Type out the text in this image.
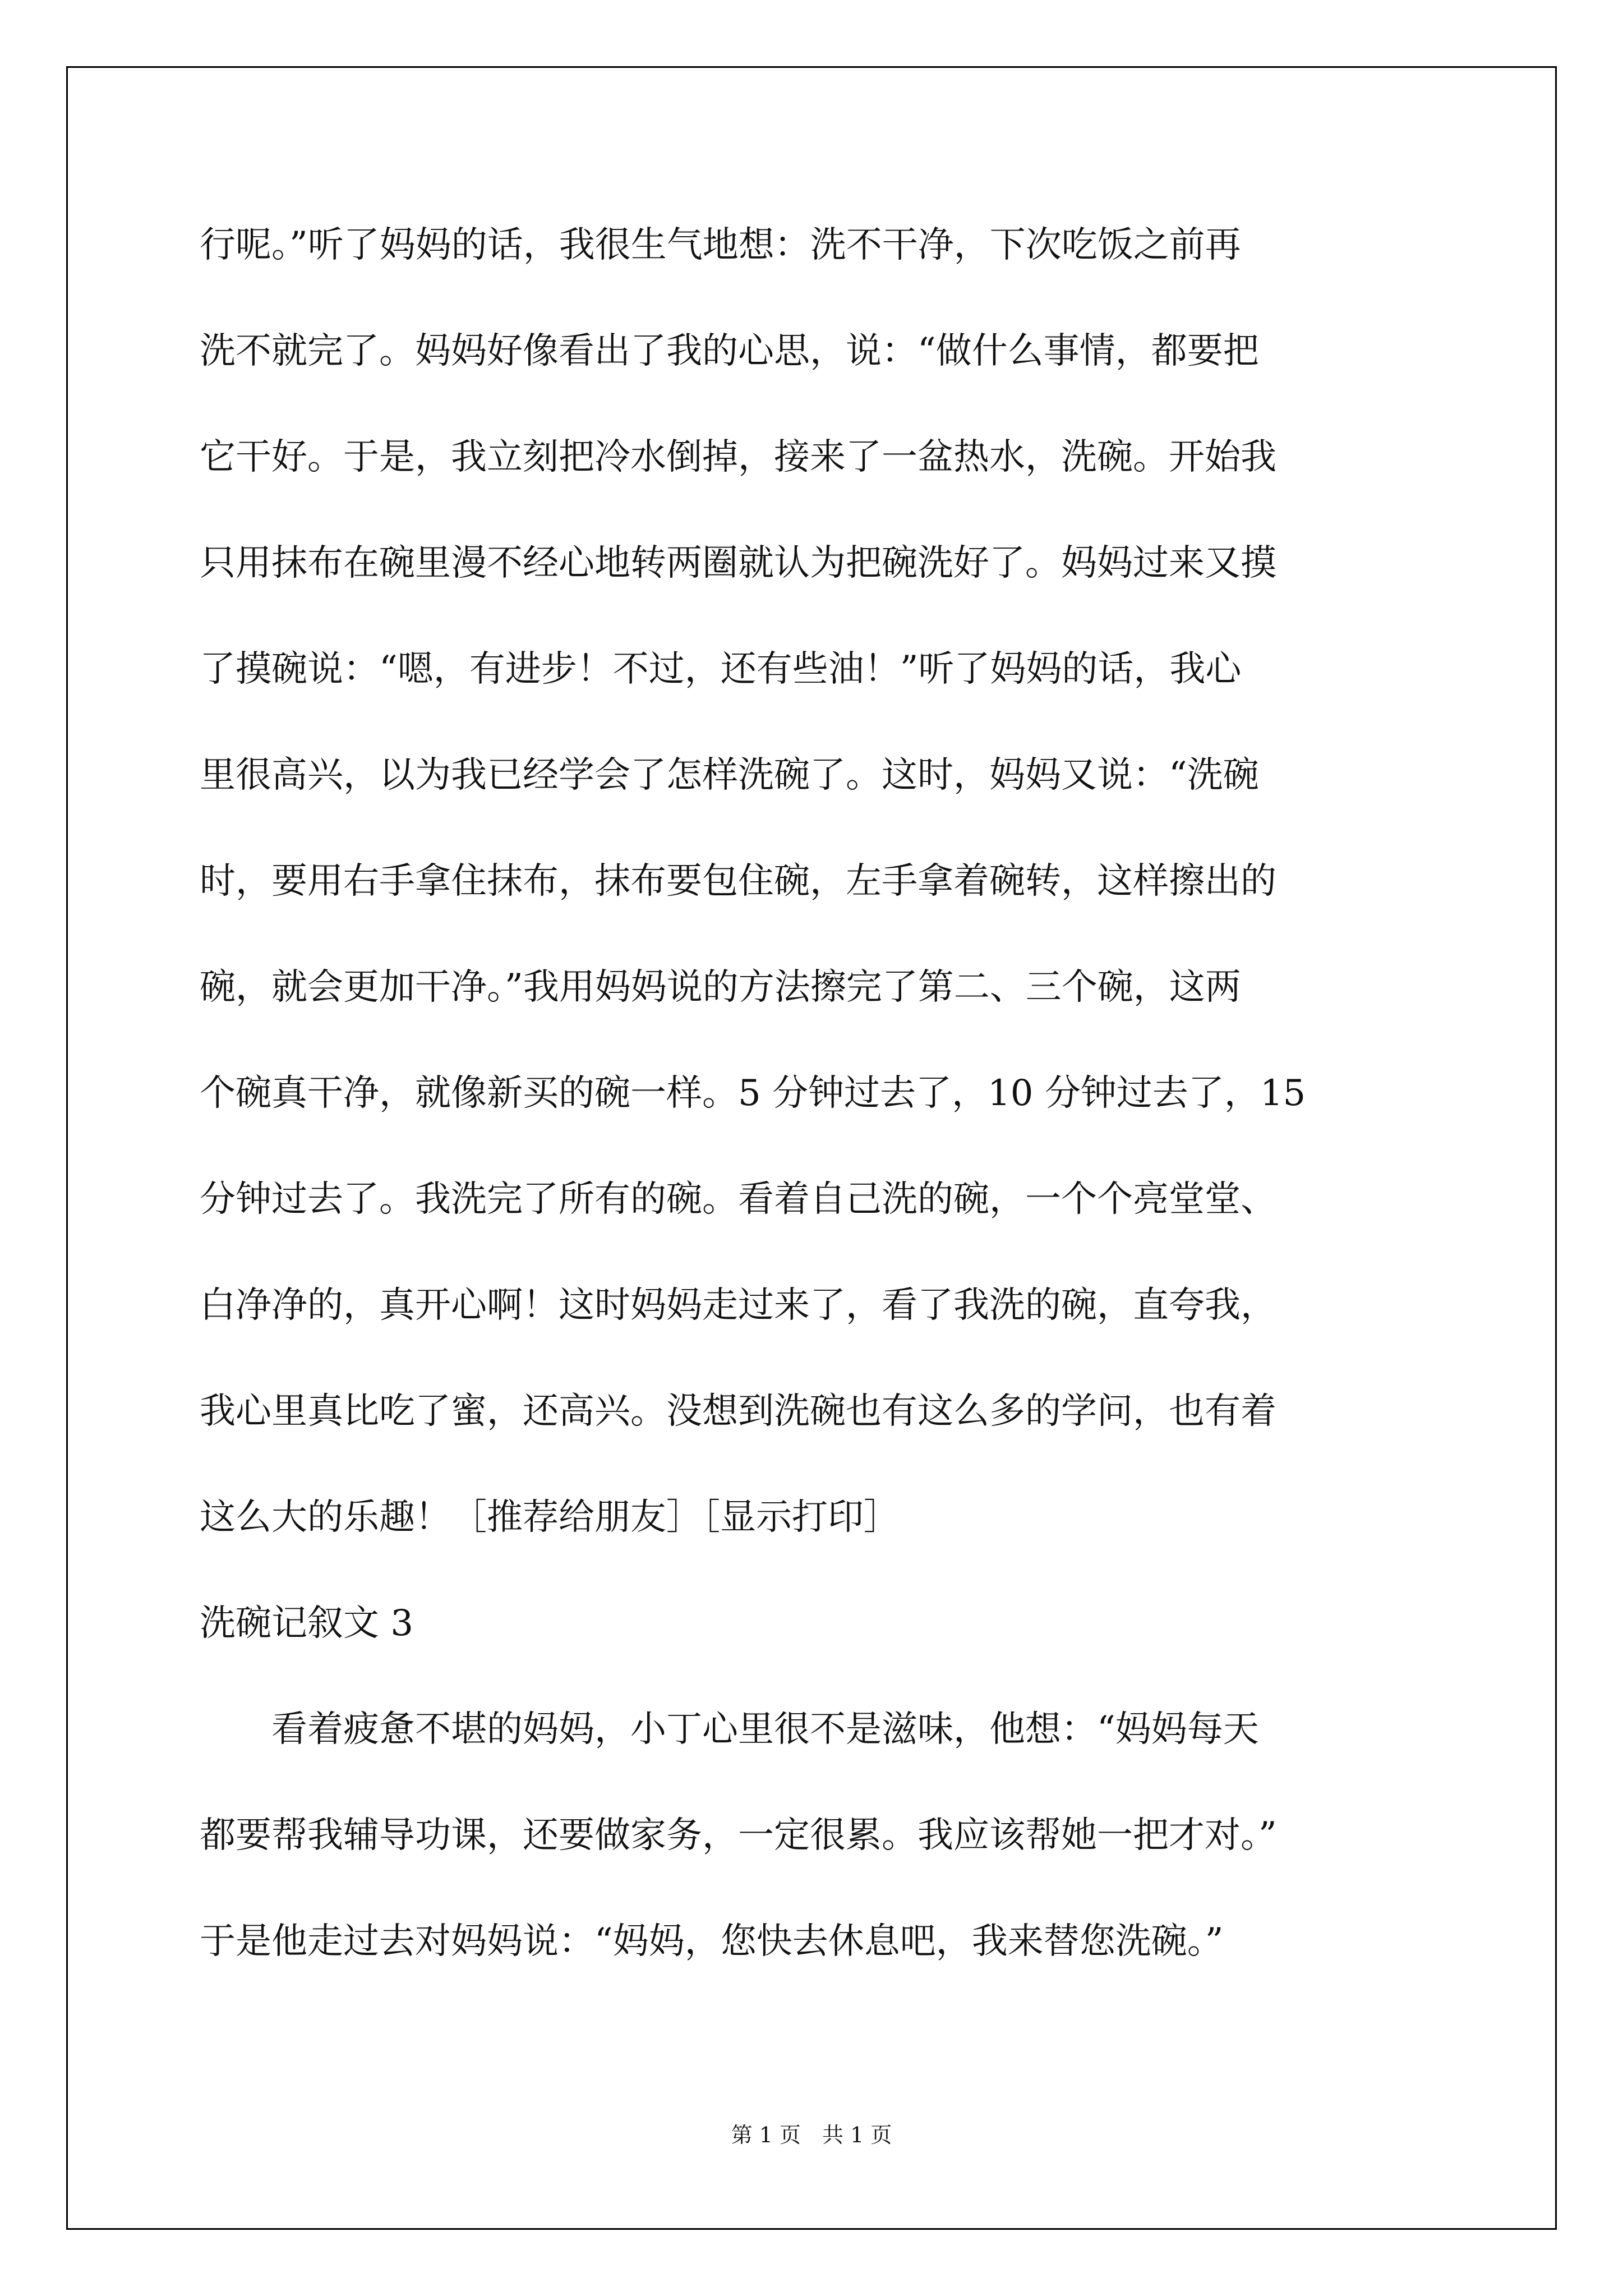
行呢。”听了妈妈的话，我很生气地想：洗不干净，下次吃饭之前再
洗不就完了。妈妈好像看出了我的心思，说：“做什么事情，都要把
它干好。于是，我立刻把冷水倒掉，接来了一盆热水，洗碗。开始我
只用抹布在碗里漫不经心地转两圈就认为把碗洗好了。妈妈过来又摸
了摸碗说：“嗯，有进步！不过，还有些油！”听了妈妈的话，我心
里很高兴，以为我已经学会了怎样洗碗了。这时，妈妈又说：“洗碗
时，要用右手拿住抹布，抹布要包住碗，左手拿着碗转，这样擦出的
碗，就会更加干净。”我用妈妈说的方法擦完了第二、三个碗，这两
个碗真干净，就像新买的碗一样。5 分钟过去了，10 分钟过去了，15
分钟过去了。我洗完了所有的碗。看着自己洗的碗，一个个亮堂堂、
白净净的，真开心啊！这时妈妈走过来了，看了我洗的碗，直夸我，
我心里真比吃了蜜，还高兴。没想到洗碗也有这么多的学问，也有着
这么大的乐趣！［推荐给朋友］［显示打印］
洗碗记叙文 3
　　看着疲惫不堪的妈妈，小丁心里很不是滋味，他想：“妈妈每天
都要帮我辅导功课，还要做家务，一定很累。我应该帮她一把才对。”
于是他走过去对妈妈说：“妈妈，您快去休息吧，我来替您洗碗。”
第 1 页　共 1 页
